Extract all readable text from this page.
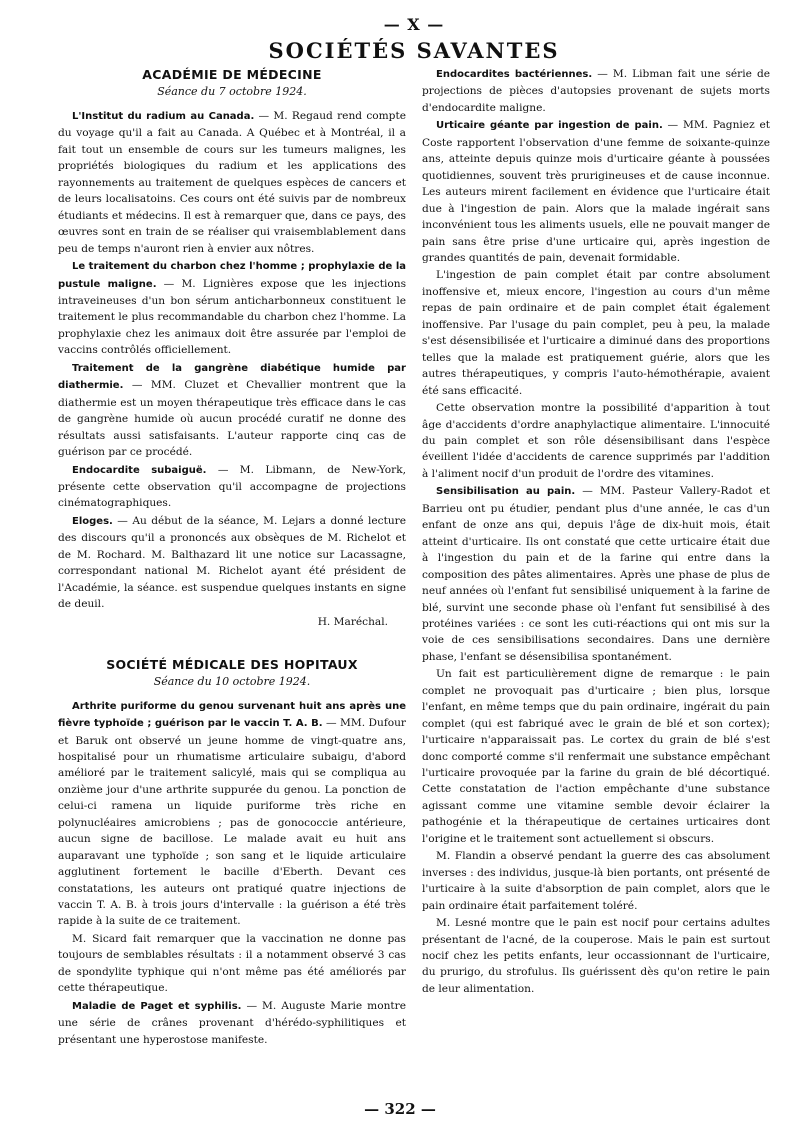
— X —
SOCIÉTÉS SAVANTES
ACADÉMIE DE MÉDECINE
Séance du 7 octobre 1924.

L'Institut du radium au Canada. — M. Regaud rend compte du voyage qu'il a fait au Canada. A Québec et à Montréal, il a fait tout un ensemble de cours sur les tumeurs malignes, les propriétés biologiques du radium et les applications des rayonnements au traitement de quelques espèces de cancers et de leurs localisatoins. Ces cours ont été suivis par de nombreux étudiants et médecins. Il est à remarquer que, dans ce pays, des œuvres sont en train de se réaliser qui vraisemblablement dans peu de temps n'auront rien à envier aux nôtres.

Le traitement du charbon chez l'homme ; prophylaxie de la pustule maligne. — M. Lignières expose que les injections intraveineuses d'un bon sérum anticharbonneux constituent le traitement le plus recommandable du charbon chez l'homme. La prophylaxie chez les animaux doit être assurée par l'emploi de vaccins contrôlés officiellement.

Traitement de la gangrène diabétique humide par diathermie. — MM. Cluzet et Chevallier montrent que la diathermie est un moyen thérapeutique très efficace dans le cas de gangrène humide où aucun procédé curatif ne donne des résultats aussi satisfaisants. L'auteur rapporte cinq cas de guérison par ce procédé.

Endocardite subaiguë. — M. Libmann, de New-York, présente cette observation qu'il accompagne de projections cinématographiques.

Eloges. — Au début de la séance, M. Lejars a donné lecture des discours qu'il a prononcés aux obsèques de M. Richelot et de M. Rochard. M. Balthazard lit une notice sur Lacassagne, correspondant national M. Richelot ayant été président de l'Académie, la séance. est suspendue quelques instants en signe de deuil.

H. Maréchal.
SOCIÉTÉ MÉDICALE DES HOPITAUX
Séance du 10 octobre 1924.

Arthrite puriforme du genou survenant huit ans après une fièvre typhoïde ; guérison par le vaccin T. A. B. — MM. Dufour et Baruk ont observé un jeune homme de vingt-quatre ans, hospitalisé pour un rhumatisme articulaire subaigu, d'abord amélioré par le traitement salicylé, mais qui se compliqua au onzième jour d'une arthrite suppurée du genou. La ponction de celui-ci ramena un liquide puriforme très riche en polynucléaires amicrobiens ; pas de gonococcie antérieure, aucun signe de bacillose. Le malade avait eu huit ans auparavant une typhoïde ; son sang et le liquide articulaire agglutinent fortement le bacille d'Eberth. Devant ces constatations, les auteurs ont pratiqué quatre injections de vaccin T. A. B. à trois jours d'intervalle : la guérison a été très rapide à la suite de ce traitement.

M. Sicard fait remarquer que la vaccination ne donne pas toujours de semblables résultats : il a notamment observé 3 cas de spondylite typhique qui n'ont même pas été améliorés par cette thérapeutique.

Maladie de Paget et syphilis. — M. Auguste Marie montre une série de crânes provenant d'hérédo-syphilitiques et présentant une hyperostose manifeste.

Endocardites bactériennes. — M. Libman fait une série de projections de pièces d'autopsies provenant de sujets morts d'endocardite maligne.

Urticaire géante par ingestion de pain. — MM. Pagniez et Coste rapportent l'observation d'une femme de soixante-quinze ans, atteinte depuis quinze mois d'urticaire géante à poussées quotidiennes, souvent très prurigineuses et de cause inconnue. Les auteurs mirent facilement en évidence que l'urticaire était due à l'ingestion de pain. Alors que la malade ingérait sans inconvénient tous les aliments usuels, elle ne pouvait manger de pain sans être prise d'une urticaire qui, après ingestion de grandes quantités de pain, devenait formidable.

L'ingestion de pain complet était par contre absolument inoffensive et, mieux encore, l'ingestion au cours d'un même repas de pain ordinaire et de pain complet était également inoffensive. Par l'usage du pain complet, peu à peu, la malade s'est désensibilisée et l'urticaire a diminué dans des proportions telles que la malade est pratiquement guérie, alors que les autres thérapeutiques, y compris l'auto-hémothérapie, avaient été sans efficacité.

Cette observation montre la possibilité d'apparition à tout âge d'accidents d'ordre anaphylactique alimentaire. L'innocuité du pain complet et son rôle désensibilisant dans l'espèce éveillent l'idée d'accidents de carence supprimés par l'addition à l'aliment nocif d'un produit de l'ordre des vitamines.

Sensibilisation au pain. — MM. Pasteur Vallery-Radot et Barrieu ont pu étudier, pendant plus d'une année, le cas d'un enfant de onze ans qui, depuis l'âge de dix-huit mois, était atteint d'urticaire. Ils ont constaté que cette urticaire était due à l'ingestion du pain et de la farine qui entre dans la composition des pâtes alimentaires. Après une phase de plus de neuf années où l'enfant fut sensibilisé uniquement à la farine de blé, survint une seconde phase où l'enfant fut sensibilisé à des protéines variées : ce sont les cuti-réactions qui ont mis sur la voie de ces sensibilisations secondaires. Dans une dernière phase, l'enfant se désensibilisa spontanément.

Un fait est particulièrement digne de remarque : le pain complet ne provoquait pas d'urticaire ; bien plus, lorsque l'enfant, en même temps que du pain ordinaire, ingérait du pain complet (qui est fabriqué avec le grain de blé et son cortex); l'urticaire n'apparaissait pas. Le cortex du grain de blé s'est donc comporté comme s'il renfermait une substance empêchant l'urticaire provoquée par la farine du grain de blé décortiqué. Cette constatation de l'action empêchante d'une substance agissant comme une vitamine semble devoir éclairer la pathogénie et la thérapeutique de certaines urticaires dont l'origine et le traitement sont actuellement si obscurs.

M. Flandin a observé pendant la guerre des cas absolument inverses : des individus, jusque-là bien portants, ont présenté de l'urticaire à la suite d'absorption de pain complet, alors que le pain ordinaire était parfaitement toléré.

M. Lesné montre que le pain est nocif pour certains adultes présentant de l'acné, de la couperose. Mais le pain est surtout nocif chez les petits enfants, leur occassionnant de l'urticaire, du prurigo, du strofulus. Ils guérissent dès qu'on retire le pain de leur alimentation.

— 322 —
